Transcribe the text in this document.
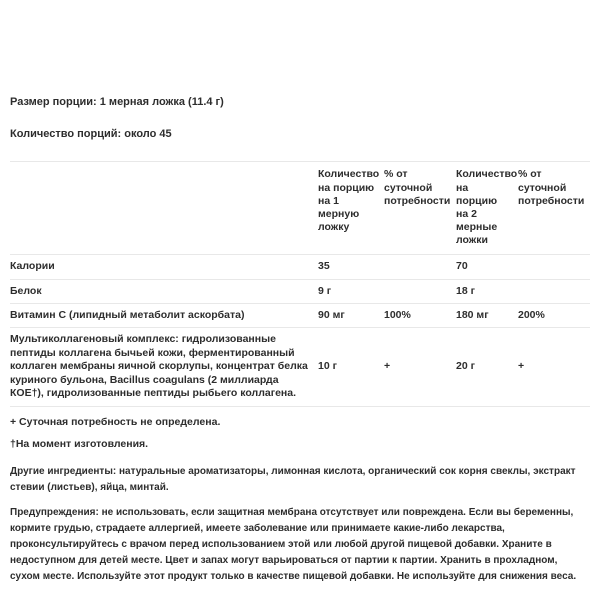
Размер порции: 1 мерная ложка (11.4 г)

Количество порций: около 45

	Количество на порцию на 1 мерную ложку	% от суточной потребности	Количество на порцию на 2 мерные ложки	% от суточной потребности
Калории	35		70	
Белок	9 г		18 г	
Витамин C (липидный метаболит аскорбата)	90 мг	100%	180 мг	200%
Мультиколлагеновый комплекс: гидролизованные пептиды коллагена бычьей кожи, ферментированный коллаген мембраны яичной скорлупы, концентрат белка куриного бульона, Bacillus coagulans (2 миллиарда КОЕ†), гидролизованные пептиды рыбьего коллагена.	10 г	+	20 г	+

+ Суточная потребность не определена.

†На момент изготовления.

Другие ингредиенты: натуральные ароматизаторы, лимонная кислота, органический сок корня свеклы, экстракт стевии (листьев), яйца, минтай.

Предупреждения: не использовать, если защитная мембрана отсутствует или повреждена. Если вы беременны, кормите грудью, страдаете аллергией, имеете заболевание или принимаете какие-либо лекарства, проконсультируйтесь с врачом перед использованием этой или любой другой пищевой добавки. Храните в недоступном для детей месте. Цвет и запах могут варьироваться от партии к партии. Хранить в прохладном, сухом месте. Используйте этот продукт только в качестве пищевой добавки. Не используйте для снижения веса.
